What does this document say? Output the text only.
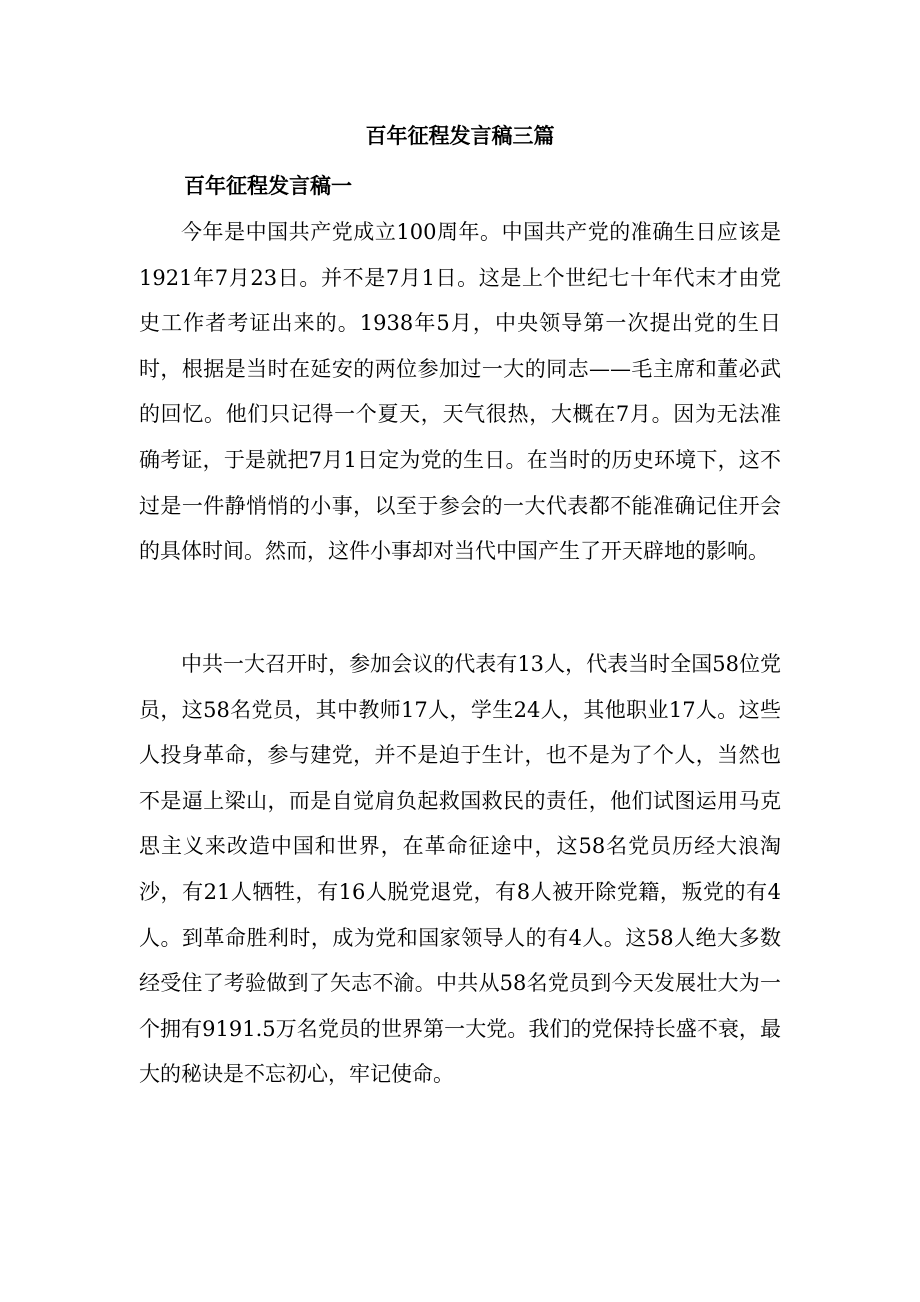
百年征程发言稿三篇
百年征程发言稿一

今年是中国共产党成立100周年。中国共产党的准确生日应该是1921年7月23日。并不是7月1日。这是上个世纪七十年代末才由党史工作者考证出来的。1938年5月，中央领导第一次提出党的生日时，根据是当时在延安的两位参加过一大的同志——毛主席和董必武的回忆。他们只记得一个夏天，天气很热，大概在7月。因为无法准确考证，于是就把7月1日定为党的生日。在当时的历史环境下，这不过是一件静悄悄的小事，以至于参会的一大代表都不能准确记住开会的具体时间。然而，这件小事却对当代中国产生了开天辟地的影响。

中共一大召开时，参加会议的代表有13人，代表当时全国58位党员，这58名党员，其中教师17人，学生24人，其他职业17人。这些人投身革命，参与建党，并不是迫于生计，也不是为了个人，当然也不是逼上梁山，而是自觉肩负起救国救民的责任，他们试图运用马克思主义来改造中国和世界，在革命征途中，这58名党员历经大浪淘沙，有21人牺牲，有16人脱党退党，有8人被开除党籍，叛党的有4人。到革命胜利时，成为党和国家领导人的有4人。这58人绝大多数经受住了考验做到了矢志不渝。中共从58名党员到今天发展壮大为一个拥有9191.5万名党员的世界第一大党。我们的党保持长盛不衰，最大的秘诀是不忘初心，牢记使命。
